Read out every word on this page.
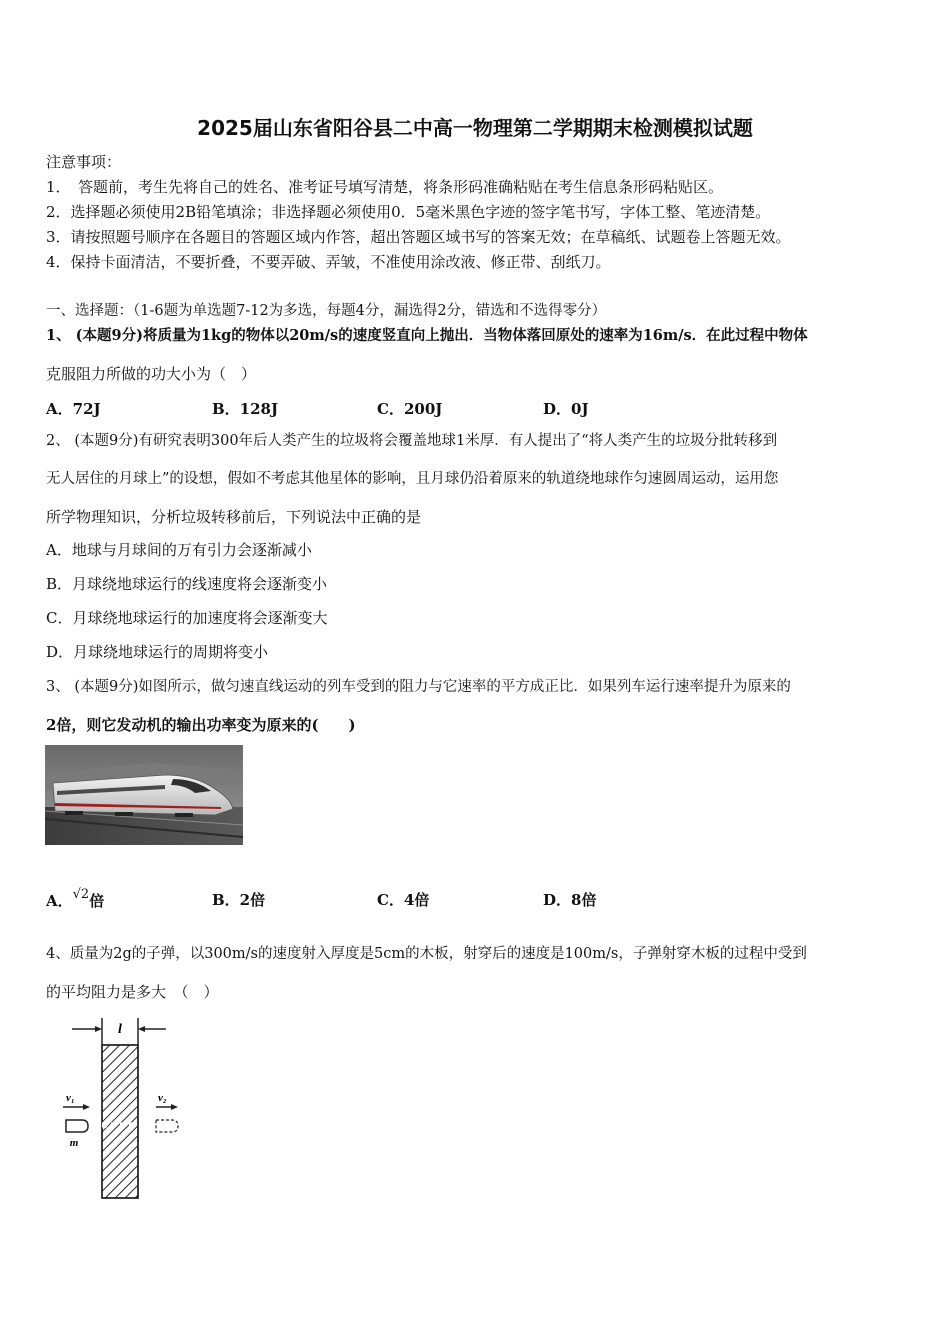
2025届山东省阳谷县二中高一物理第二学期期末检测模拟试题
注意事项：
1．　答题前，考生先将自己的姓名、准考证号填写清楚，将条形码准确粘贴在考生信息条形码粘贴区。
2．选择题必须使用2B铅笔填涂；非选择题必须使用0．5毫米黑色字迹的签字笔书写，字体工整、笔迹清楚。
3．请按照题号顺序在各题目的答题区域内作答，超出答题区域书写的答案无效；在草稿纸、试题卷上答题无效。
4．保持卡面清洁，不要折叠，不要弄破、弄皱，不准使用涂改液、修正带、刮纸刀。
一、选择题：（1-6题为单选题7-12为多选，每题4分，漏选得2分，错选和不选得零分）
1、 (本题9分)将质量为1kg的物体以20m/s的速度竖直向上抛出．当物体落回原处的速率为16m/s．在此过程中物体
克服阻力所做的功大小为（　）
A．72J	B．128J	C．200J	D．0J
2、 (本题9分)有研究表明300年后人类产生的垃圾将会覆盖地球1米厚．有人提出了“将人类产生的垃圾分批转移到
无人居住的月球上”的设想，假如不考虑其他星体的影响，且月球仍沿着原来的轨道绕地球作匀速圆周运动，运用您
所学物理知识，分析垃圾转移前后，下列说法中正确的是
A．地球与月球间的万有引力会逐渐减小
B．月球绕地球运行的线速度将会逐渐变小
C．月球绕地球运行的加速度将会逐渐变大
D．月球绕地球运行的周期将变小
3、 (本题9分)如图所示，做匀速直线运动的列车受到的阻力与它速率的平方成正比．如果列车运行速率提升为原来的
2倍，则它发动机的输出功率变为原来的(　　)
A．$^{√2}$倍	B．2倍	C．4倍	D．8倍
4、质量为2g的子弹，以300m/s的速度射入厚度是5cm的木板，射穿后的速度是100m/s，子弹射穿木板的过程中受到
的平均阻力是多大　（　）
l
v₁
m
v₂
